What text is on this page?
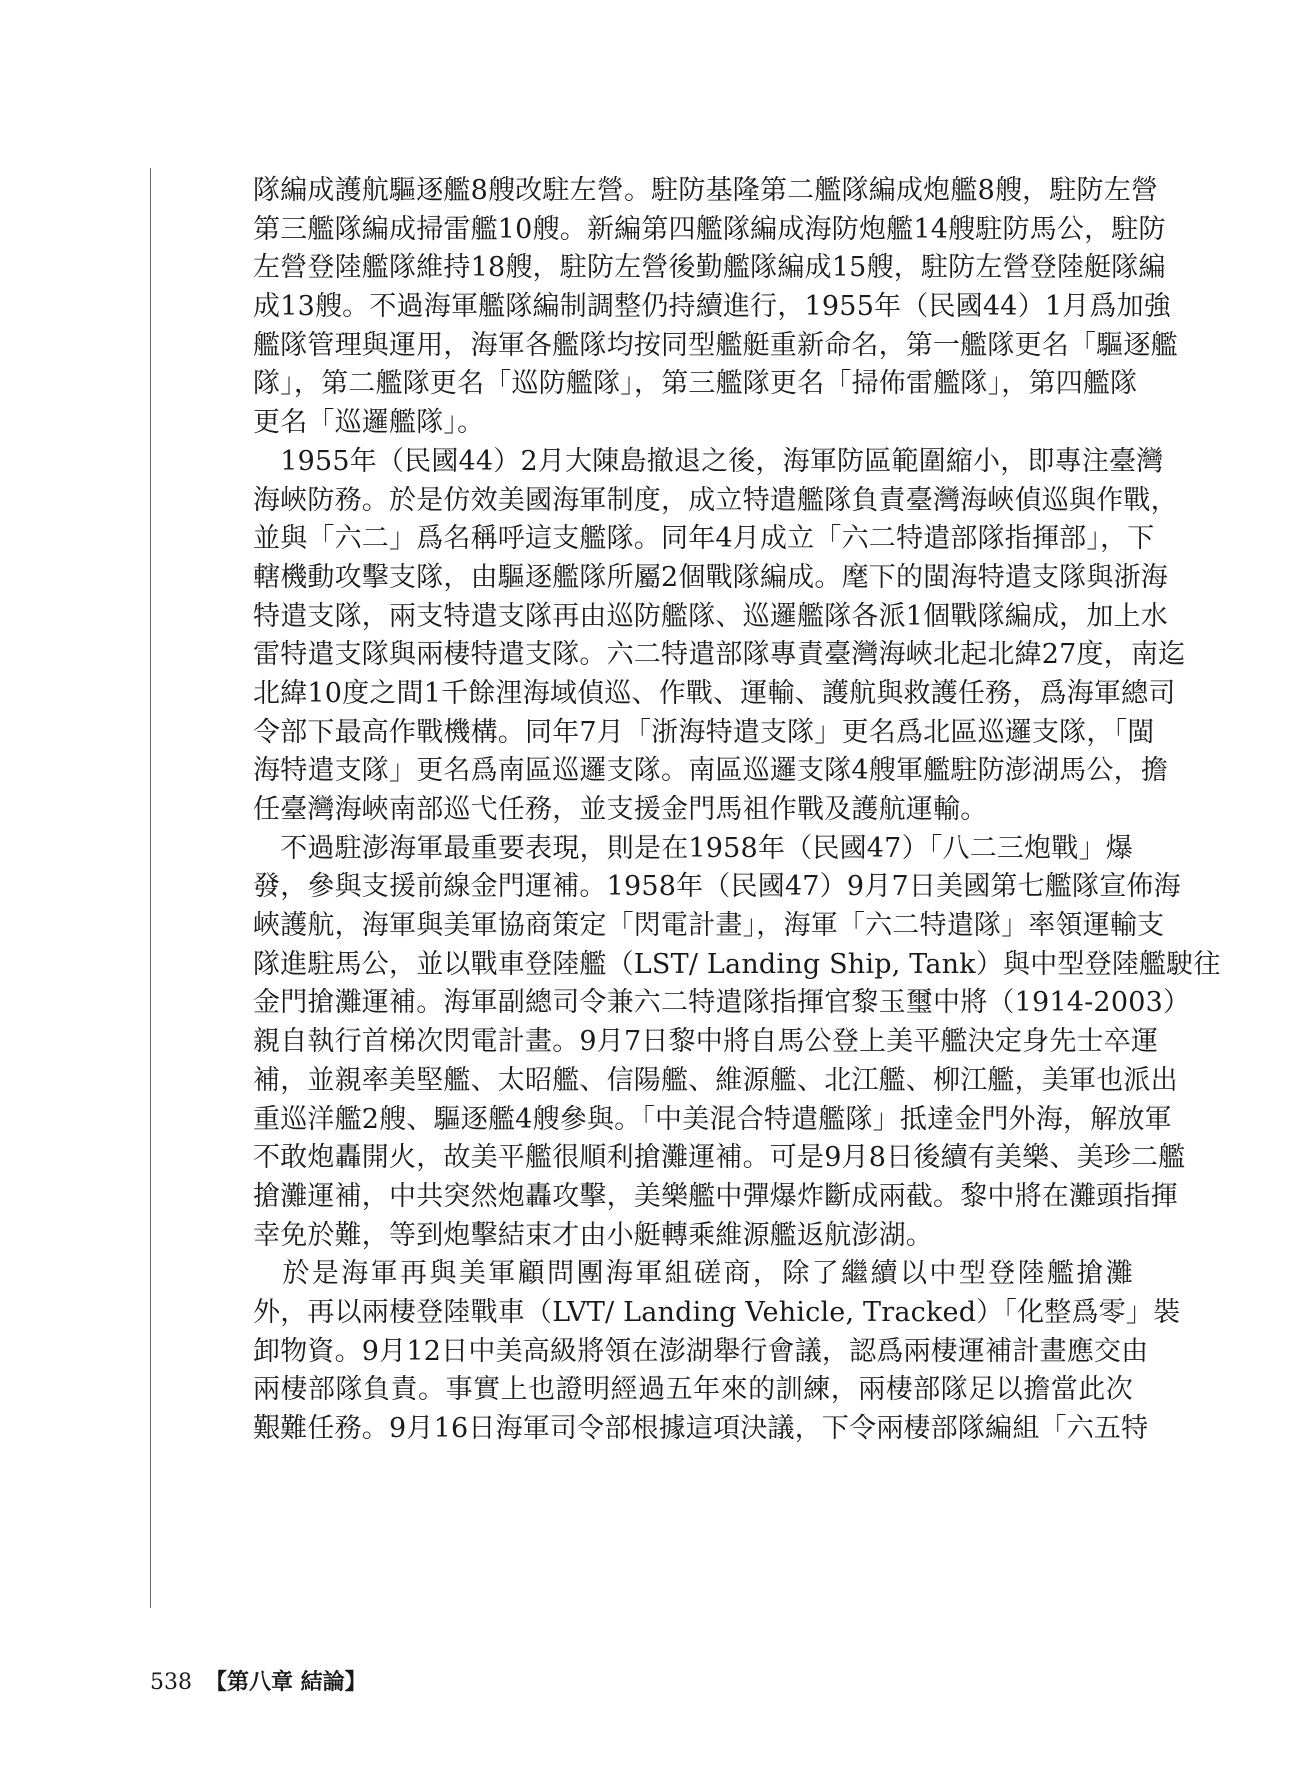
隊編成護航驅逐艦8艘改駐左營。駐防基隆第二艦隊編成炮艦8艘，駐防左營
第三艦隊編成掃雷艦10艘。新編第四艦隊編成海防炮艦14艘駐防馬公，駐防
左營登陸艦隊維持18艘，駐防左營後勤艦隊編成15艘，駐防左營登陸艇隊編
成13艘。不過海軍艦隊編制調整仍持續進行，1955年（民國44）1月爲加強
艦隊管理與運用，海軍各艦隊均按同型艦艇重新命名，第一艦隊更名「驅逐艦
隊」，第二艦隊更名「巡防艦隊」，第三艦隊更名「掃佈雷艦隊」，第四艦隊
更名「巡邏艦隊」。
　1955年（民國44）2月大陳島撤退之後，海軍防區範圍縮小，即專注臺灣
海峽防務。於是仿效美國海軍制度，成立特遣艦隊負責臺灣海峽偵巡與作戰，
並與「六二」爲名稱呼這支艦隊。同年4月成立「六二特遣部隊指揮部」，下
轄機動攻擊支隊，由驅逐艦隊所屬2個戰隊編成。麾下的閩海特遣支隊與浙海
特遣支隊，兩支特遣支隊再由巡防艦隊、巡邏艦隊各派1個戰隊編成，加上水
雷特遣支隊與兩棲特遣支隊。六二特遣部隊專責臺灣海峽北起北緯27度，南迄
北緯10度之間1千餘浬海域偵巡、作戰、運輸、護航與救護任務，爲海軍總司
令部下最高作戰機構。同年7月「浙海特遣支隊」更名爲北區巡邏支隊，「閩
海特遣支隊」更名爲南區巡邏支隊。南區巡邏支隊4艘軍艦駐防澎湖馬公，擔
任臺灣海峽南部巡弋任務，並支援金門馬祖作戰及護航運輸。
　不過駐澎海軍最重要表現，則是在1958年（民國47）「八二三炮戰」爆
發，參與支援前線金門運補。1958年（民國47）9月7日美國第七艦隊宣佈海
峽護航，海軍與美軍協商策定「閃電計畫」，海軍「六二特遣隊」率領運輸支
隊進駐馬公，並以戰車登陸艦（LST/ Landing Ship, Tank）與中型登陸艦駛往
金門搶灘運補。海軍副總司令兼六二特遣隊指揮官黎玉璽中將（1914-2003）
親自執行首梯次閃電計畫。9月7日黎中將自馬公登上美平艦決定身先士卒運
補，並親率美堅艦、太昭艦、信陽艦、維源艦、北江艦、柳江艦，美軍也派出
重巡洋艦2艘、驅逐艦4艘參與。「中美混合特遣艦隊」抵達金門外海，解放軍
不敢炮轟開火，故美平艦很順利搶灘運補。可是9月8日後續有美樂、美珍二艦
搶灘運補，中共突然炮轟攻擊，美樂艦中彈爆炸斷成兩截。黎中將在灘頭指揮
幸免於難，等到炮擊結束才由小艇轉乘維源艦返航澎湖。
　於是海軍再與美軍顧問團海軍組磋商，除了繼續以中型登陸艦搶灘
外，再以兩棲登陸戰車（LVT/ Landing Vehicle, Tracked）「化整爲零」裝
卸物資。9月12日中美高級將領在澎湖舉行會議，認爲兩棲運補計畫應交由
兩棲部隊負責。事實上也證明經過五年來的訓練，兩棲部隊足以擔當此次
艱難任務。9月16日海軍司令部根據這項決議，下令兩棲部隊編組「六五特
538 【第八章 結論】
